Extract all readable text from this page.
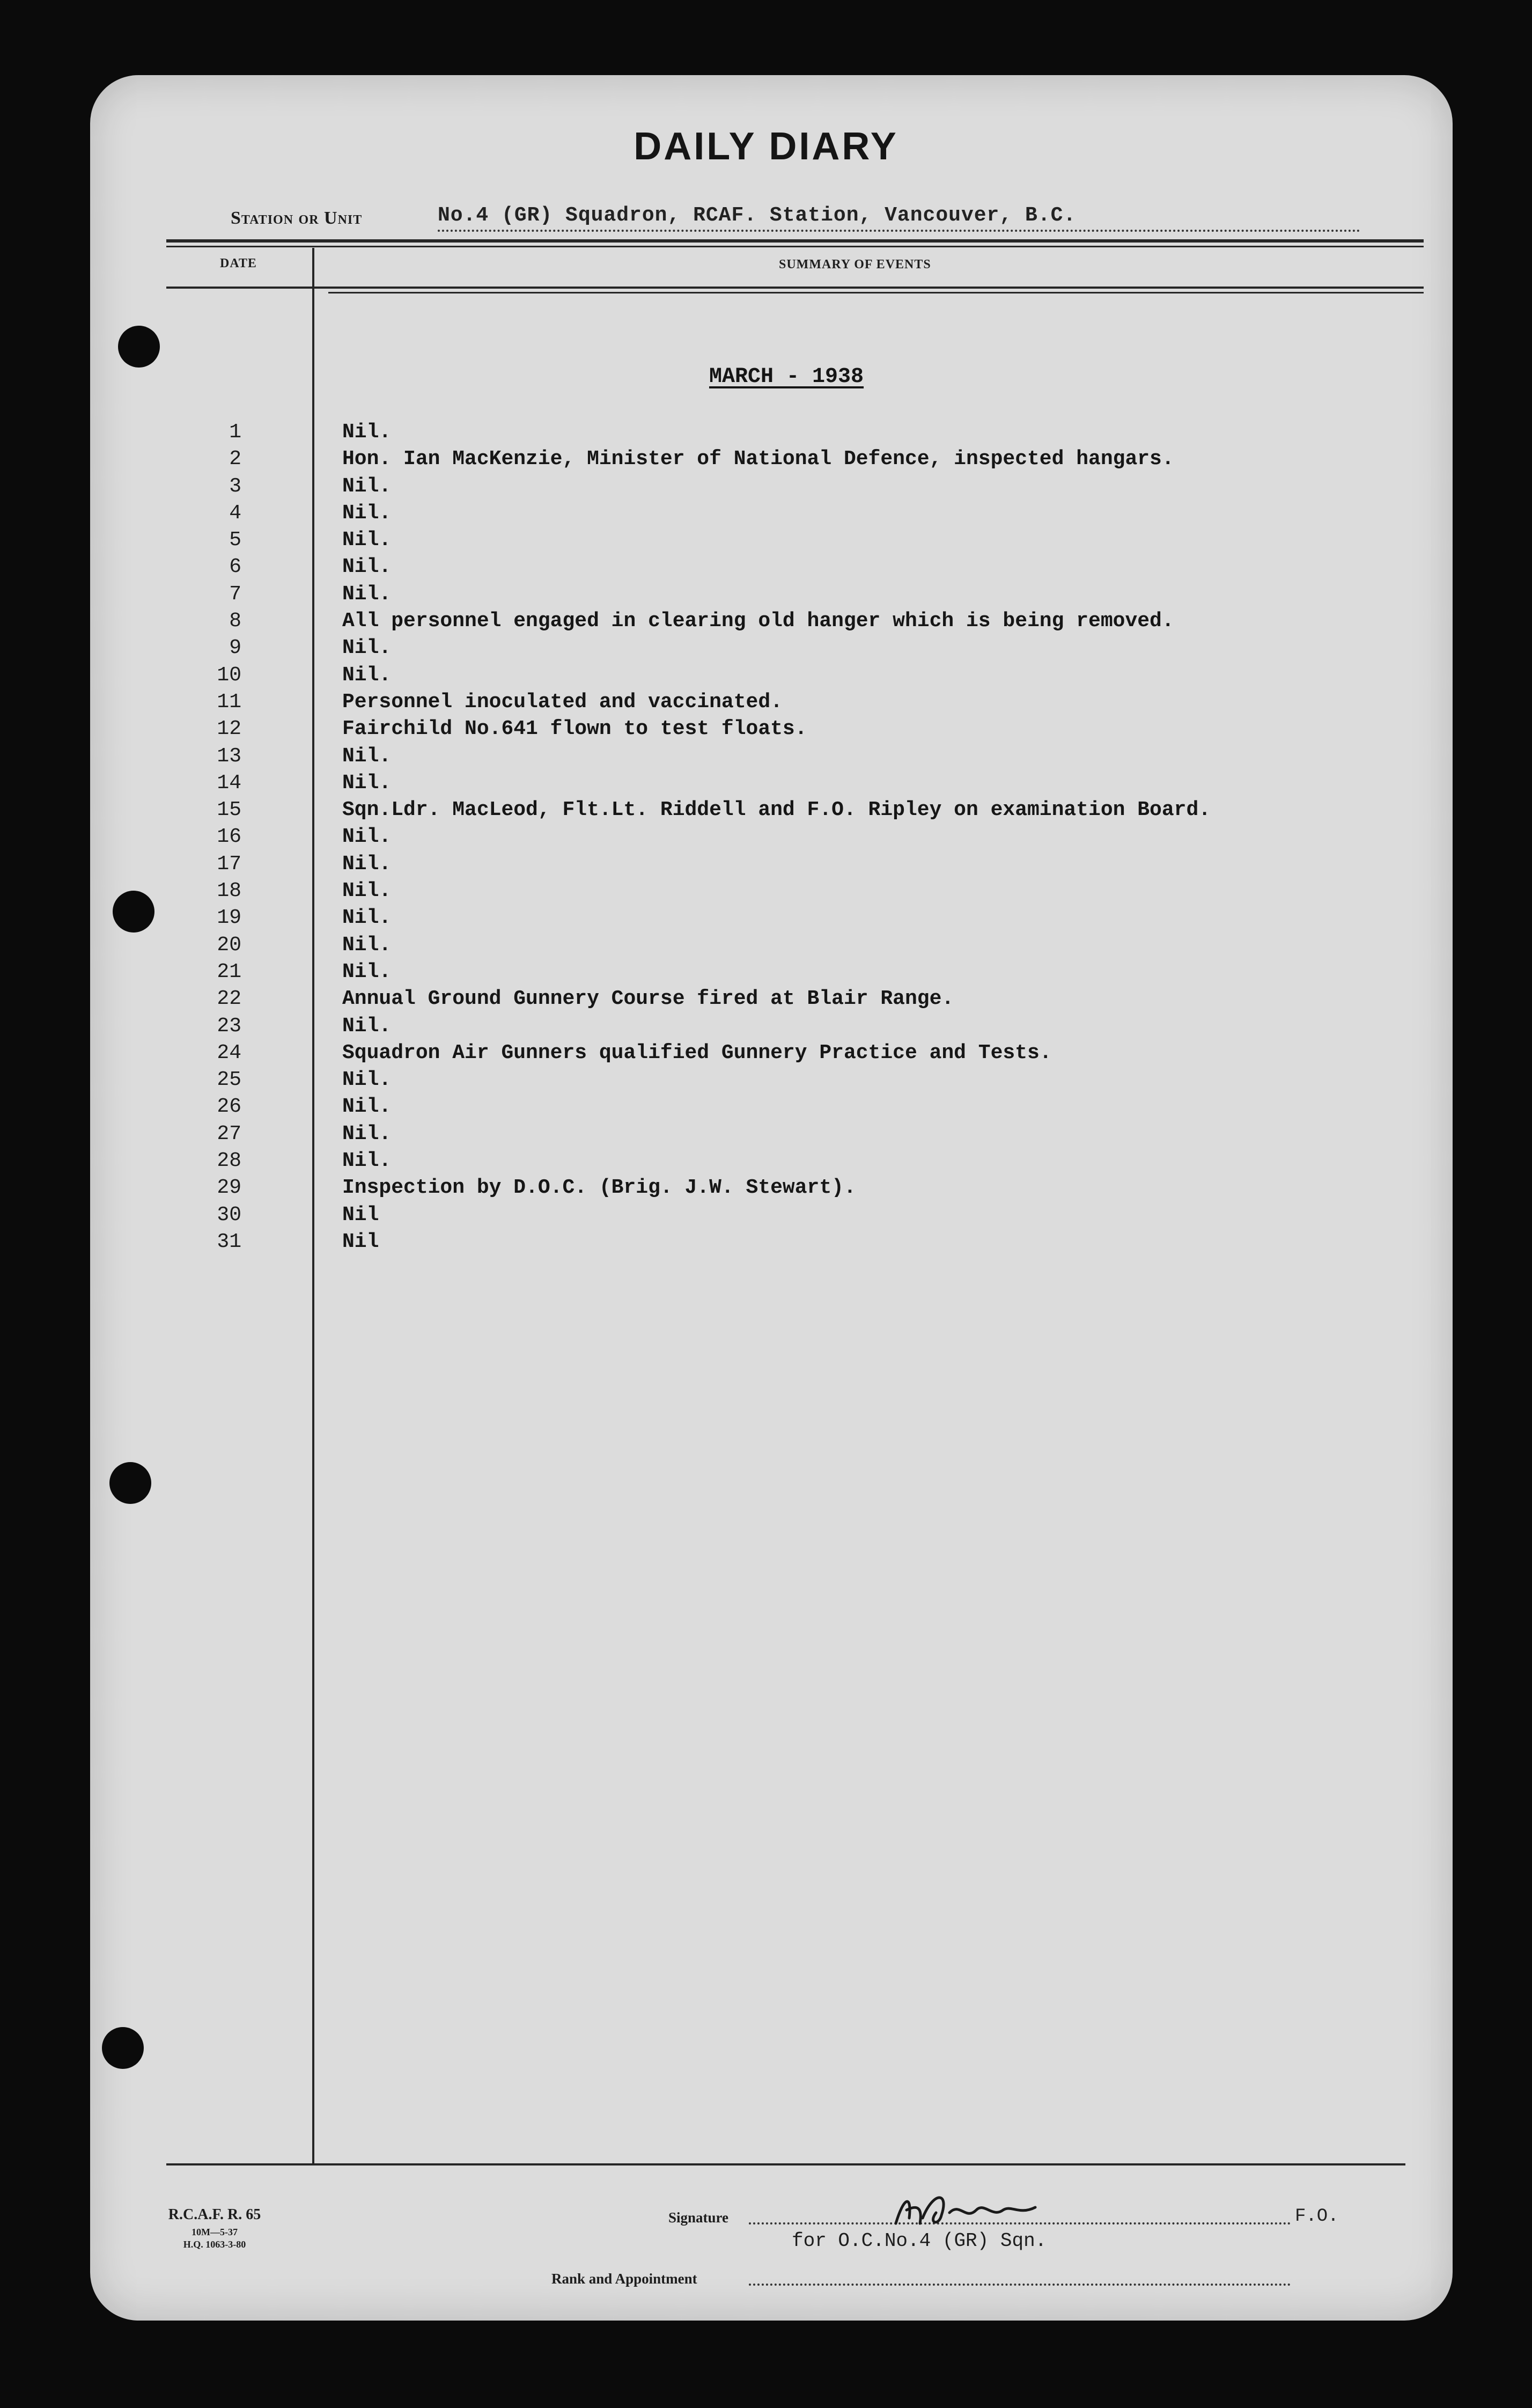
DAILY DIARY
Station or Unit	No.4 (GR) Squadron, RCAF. Station, Vancouver, B.C.
DATE	SUMMARY OF EVENTS
MARCH - 1938
1	Nil.
2	Hon. Ian MacKenzie, Minister of National Defence, inspected hangars.
3	Nil.
4	Nil.
5	Nil.
6	Nil.
7	Nil.
8	All personnel engaged in clearing old hanger which is being removed.
9	Nil.
10	Nil.
11	Personnel inoculated and vaccinated.
12	Fairchild No.641 flown to test floats.
13	Nil.
14	Nil.
15	Sqn.Ldr. MacLeod, Flt.Lt. Riddell and F.O. Ripley on examination Board.
16	Nil.
17	Nil.
18	Nil.
19	Nil.
20	Nil.
21	Nil.
22	Annual Ground Gunnery Course fired at Blair Range.
23	Nil.
24	Squadron Air Gunners qualified Gunnery Practice and Tests.
25	Nil.
26	Nil.
27	Nil.
28	Nil.
29	Inspection by D.O.C. (Brig. J.W. Stewart).
30	Nil
31	Nil
R.C.A.F. R. 65
10M—5-37
H.Q. 1063-3-80
Signature	F.O.
for O.C.No.4 (GR) Sqn.
Rank and Appointment
